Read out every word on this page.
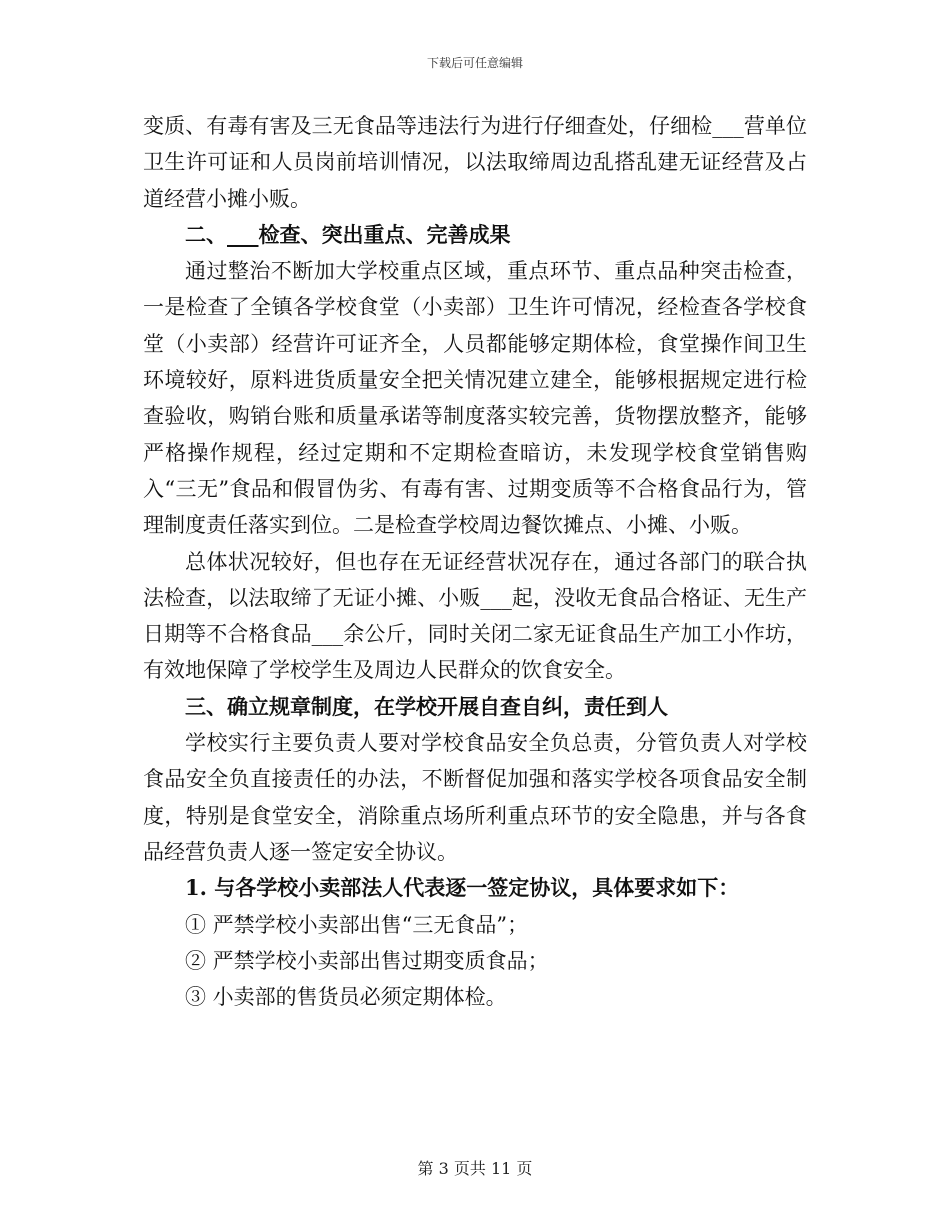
下载后可任意编辑

变质、有毒有害及三无食品等违法行为进行仔细查处，仔细检___营单位卫生许可证和人员岗前培训情况，以法取缔周边乱搭乱建无证经营及占道经营小摊小贩。

二、___检查、突出重点、完善成果

通过整治不断加大学校重点区域，重点环节、重点品种突击检查，一是检查了全镇各学校食堂（小卖部）卫生许可情况，经检查各学校食堂（小卖部）经营许可证齐全，人员都能够定期体检，食堂操作间卫生环境较好，原料进货质量安全把关情况建立建全，能够根据规定进行检查验收，购销台账和质量承诺等制度落实较完善，货物摆放整齐，能够严格操作规程，经过定期和不定期检查暗访，未发现学校食堂销售购入“三无”食品和假冒伪劣、有毒有害、过期变质等不合格食品行为，管理制度责任落实到位。二是检查学校周边餐饮摊点、小摊、小贩。

总体状况较好，但也存在无证经营状况存在，通过各部门的联合执法检查，以法取缔了无证小摊、小贩___起，没收无食品合格证、无生产日期等不合格食品___余公斤，同时关闭二家无证食品生产加工小作坊，有效地保障了学校学生及周边人民群众的饮食安全。

三、确立规章制度，在学校开展自查自纠，责任到人

学校实行主要负责人要对学校食品安全负总责，分管负责人对学校食品安全负直接责任的办法，不断督促加强和落实学校各项食品安全制度，特别是食堂安全，消除重点场所利重点环节的安全隐患，并与各食品经营负责人逐一签定安全协议。

1. 与各学校小卖部法人代表逐一签定协议，具体要求如下：

① 严禁学校小卖部出售“三无食品”；

② 严禁学校小卖部出售过期变质食品；

③ 小卖部的售货员必须定期体检。

第 3 页共 11 页
